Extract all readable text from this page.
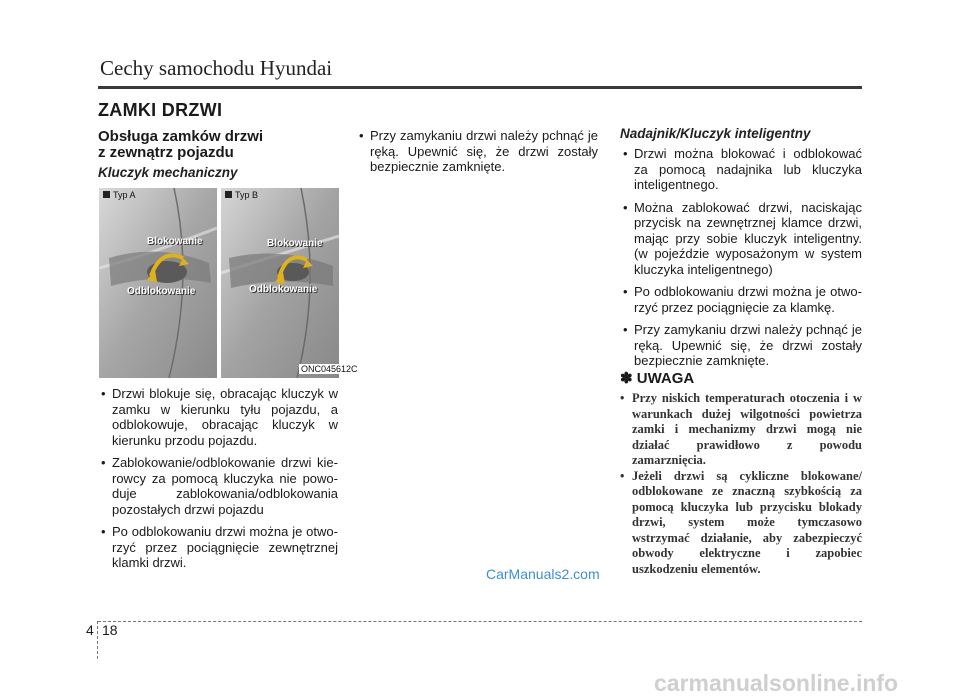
Cechy samochodu Hyundai
ZAMKI DRZWI
Obsługa zamków drzwi
z zewnątrz pojazdu
Kluczyk mechaniczny
Typ A
Blokowanie
Odblokowanie
Typ B
Blokowanie
Odblokowanie
ONC045612C
• Drzwi blokuje się, obracając kluczyk w zamku w kierunku tyłu pojazdu, a odblokowuje, obracając kluczyk w kierunku przodu pojazdu.
• Zablokowanie/odblokowanie drzwi kierowcy za pomocą kluczyka nie powoduje zablokowania/odblokowania pozostałych drzwi pojazdu
• Po odblokowaniu drzwi można je otworzyć przez pociągnięcie zewnętrznej klamki drzwi.
• Przy zamykaniu drzwi należy pchnąć je ręką. Upewnić się, że drzwi zostały bezpiecznie zamknięte.
Nadajnik/Kluczyk inteligentny
• Drzwi można blokować i odblokować za pomocą nadajnika lub kluczyka inteligentnego.
• Można zablokować drzwi, naciskając przycisk na zewnętrznej klamce drzwi, mając przy sobie kluczyk inteligentny. (w pojeździe wyposażonym w system kluczyka inteligentnego)
• Po odblokowaniu drzwi można je otworzyć przez pociągnięcie za klamkę.
• Przy zamykaniu drzwi należy pchnąć je ręką. Upewnić się, że drzwi zostały bezpiecznie zamknięte.
✽ UWAGA
• Przy niskich temperaturach otoczenia i w warunkach dużej wilgotności powietrza zamki i mechanizmy drzwi mogą nie działać prawidłowo z powodu zamarznięcia.
• Jeżeli drzwi są cykliczne blokowane/ odblokowane ze znaczną szybkością za pomocą kluczyka lub przycisku blokady drzwi, system może tymczasowo wstrzymać działanie, aby zabezpieczyć obwody elektryczne i zapobiec uszkodzeniu elementów.
CarManuals2.com
4 18
carmanualsonline.info
